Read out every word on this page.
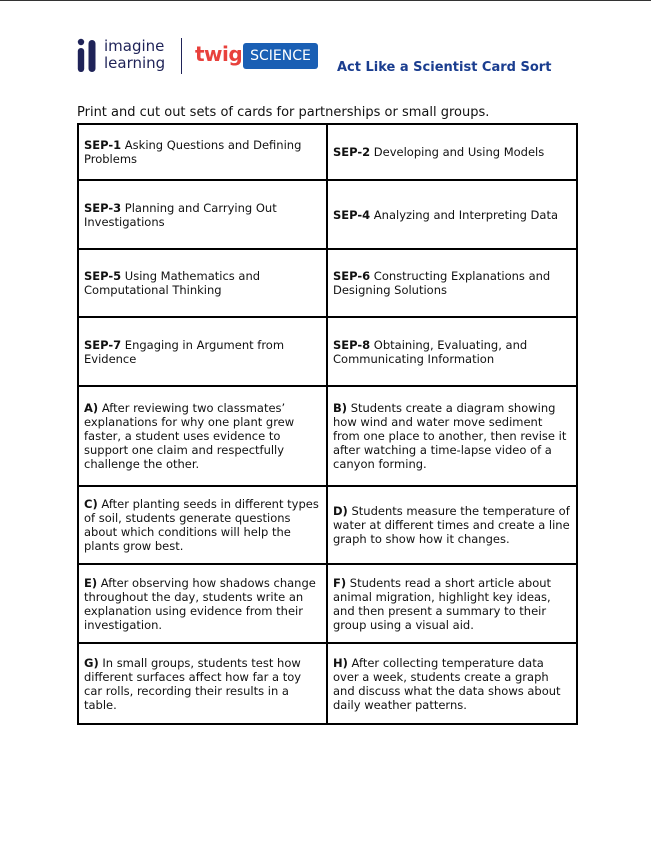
imagine
learning twig SCIENCE
Act Like a Scientist Card Sort
Print and cut out sets of cards for partnerships or small groups.
SEP-1 Asking Questions and Defining Problems	SEP-2 Developing and Using Models
SEP-3 Planning and Carrying Out Investigations	SEP-4 Analyzing and Interpreting Data
SEP-5 Using Mathematics and Computational Thinking	SEP-6 Constructing Explanations and Designing Solutions
SEP-7 Engaging in Argument from Evidence	SEP-8 Obtaining, Evaluating, and Communicating Information
A) After reviewing two classmates’ explanations for why one plant grew faster, a student uses evidence to support one claim and respectfully challenge the other.	B) Students create a diagram showing how wind and water move sediment from one place to another, then revise it after watching a time-lapse video of a canyon forming.
C) After planting seeds in different types of soil, students generate questions about which conditions will help the plants grow best.	D) Students measure the temperature of water at different times and create a line graph to show how it changes.
E) After observing how shadows change throughout the day, students write an explanation using evidence from their investigation.	F) Students read a short article about animal migration, highlight key ideas, and then present a summary to their group using a visual aid.
G) In small groups, students test how different surfaces affect how far a toy car rolls, recording their results in a table.	H) After collecting temperature data over a week, students create a graph and discuss what the data shows about daily weather patterns.
